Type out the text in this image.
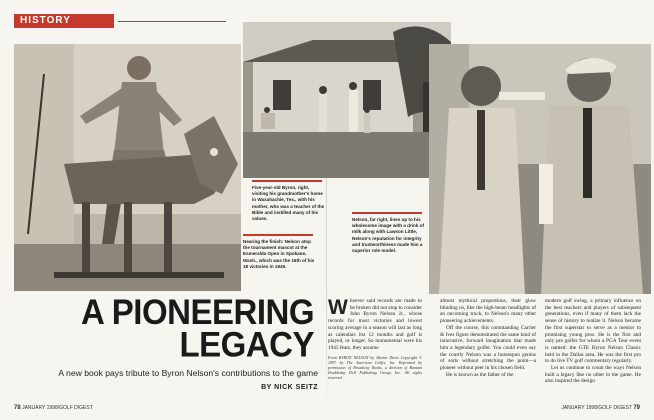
HISTORY
Five-year-old Byron, right, visiting his grandmother's home in Waxahachie, Tex., with his mother, who was a teacher of the Bible and instilled many of his values.
Nearing the finish: Nelson atop the tournament mascot at the Esmeralda Open in Spokane, Wash., which was the 16th of his 18 victories in 1945.
Nelson, far right, lines up to his wholesome image with a drink of milk along with Lawson Little, Nelson's reputation for integrity and trustworthiness made him a superior role model.
A PIONEERING
LEGACY
A new book pays tribute to Byron Nelson's contributions to the game
BY NICK SEITZ
W hoever said records are made to be broken did not stop to consider John Byron Nelson Jr., whose records for most victories and lowest scoring average in a season will last as long as calendars list 12 months and golf is played, or longer. So monumental were his 1945 feats, they assume
From BYRON NELSON by Martin Davis Copyright © 1997 by The American Golfer, Inc. Reprinted by permission of Broadway Books, a division of Bantam Doubleday Dell Publishing Group, Inc. All rights reserved.

almost mythical proportions, their glow blinding us, like the high-beam headlights of an oncoming truck, to Nelson's many other pioneering achievements.

Off the course, this commanding Carrier & Ives figure demonstrated the same kind of innovative, forward imagination that made him a legendary golfer. You could even say the courtly Nelson was a homespun genius of sorts without stretching the point—a pioneer without peer in his chosen field.

He is known as the father of the

modern golf swing, a primary influence on the best teachers and players of subsequent generations, even if many of them lack the sense of history to realize it. Nelson became the first superstar to serve as a mentor to promising young pros. He is the first and only pro golfer for whom a PGA Tour event is named: the GTE Byron Nelson Classic held in the Dallas area. He was the first pro to do live TV golf commentary regularly.

Let us continue to count the ways Nelson built a legacy like no other in the game. He also inspired the design

78 JANUARY 1998/GOLF DIGEST	JANUARY 1998/GOLF DIGEST 79
